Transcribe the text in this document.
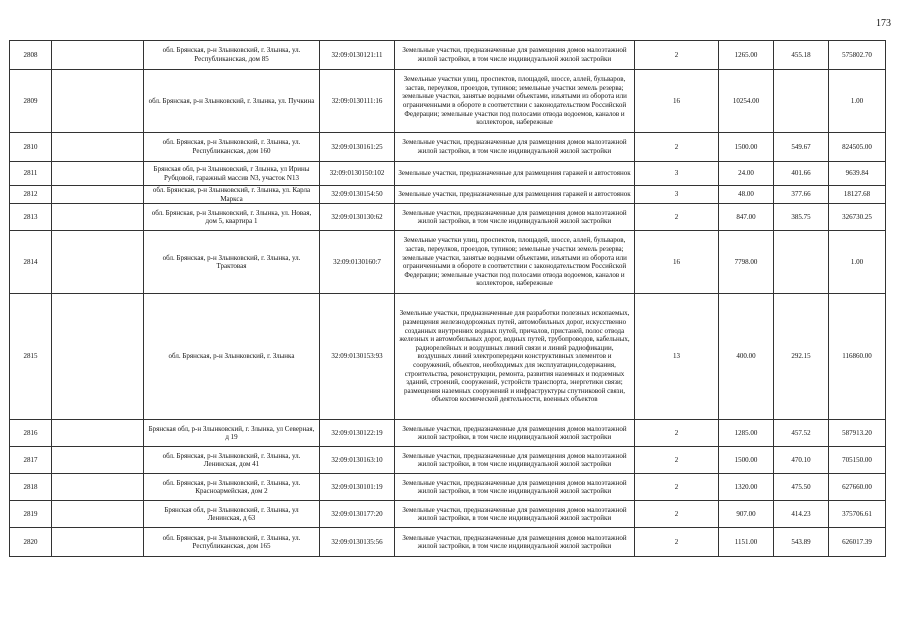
173
2808		обл. Брянская, р-н Злынковский, г. Злынка, ул. Республиканская, дом 85	32:09:0130121:11	Земельные участки, предназначенные для размещения домов малоэтажной жилой застройки, в том числе индивидуальной жилой застройки	2	1265.00	455.18	575802.70
2809		обл. Брянская, р-н Злынковский, г. Злынка, ул. Пучкина	32:09:0130111:16	Земельные участки улиц, проспектов, площадей, шоссе, аллей, бульваров, застав, переулков, проездов, тупиков; земельные участки земель резерва; земельные участки, занятые водными объектами, изъятыми из оборота или ограниченными в обороте в соответствии с законодательством Российской Федерации; земельные участки под полосами отвода водоемов, каналов и коллекторов, набережные	16	10254.00		1.00
2810		обл. Брянская, р-н Злынковский, г. Злынка, ул. Республиканская, дом 160	32:09:0130161:25	Земельные участки, предназначенные для размещения домов малоэтажной жилой застройки, в том числе индивидуальной жилой застройки	2	1500.00	549.67	824505.00
2811		Брянская обл, р-н Злынковский, г Злынка, ул Ирины Рубцовой, гаражный массив N3, участок N13	32:09:0130150:102	Земельные участки, предназначенные для размещения гаражей и автостоянок	3	24.00	401.66	9639.84
2812		обл. Брянская, р-н Злынковский, г. Злынка, ул. Карла Маркса	32:09:0130154:50	Земельные участки, предназначенные для размещения гаражей и автостоянок	3	48.00	377.66	18127.68
2813		обл. Брянская, р-н Злынковский, г. Злынка, ул. Новая, дом 5, квартира 1	32:09:0130130:62	Земельные участки, предназначенные для размещения домов малоэтажной жилой застройки, в том числе индивидуальной жилой застройки	2	847.00	385.75	326730.25
2814		обл. Брянская, р-н Злынковский, г. Злынка, ул. Трактовая	32:09:0130160:7	Земельные участки улиц, проспектов, площадей, шоссе, аллей, бульваров, застав, переулков, проездов, тупиков; земельные участки земель резерва; земельные участки, занятые водными объектами, изъятыми из оборота или ограниченными в обороте в соответствии с законодательством Российской Федерации; земельные участки под полосами отвода водоемов, каналов и коллекторов, набережные	16	7798.00		1.00
2815		обл. Брянская, р-н Злынковский, г. Злынка	32:09:0130153:93	Земельные участки, предназначенные для разработки полезных ископаемых, размещения железнодорожных путей, автомобильных дорог, искусственно созданных внутренних водных путей, причалов, пристаней, полос отвода железных и автомобильных дорог, водных путей, трубопроводов, кабельных, радиорелейных и воздушных линий связи и линий радиофикации, воздушных линий электропередачи конструктивных элементов и сооружений, объектов, необходимых для эксплуатации,содержания, строительства, реконструкции, ремонта, развития наземных и подземных зданий, строений, сооружений, устройств транспорта, энергетики связи; размещения наземных сооружений и инфраструктуры спутниковой связи, объектов космической деятельности, военных объектов	13	400.00	292.15	116860.00
2816		Брянская обл, р-н Злынковский, г. Злынка, ул Северная, д 19	32:09:0130122:19	Земельные участки, предназначенные для размещения домов малоэтажной жилой застройки, в том числе индивидуальной жилой застройки	2	1285.00	457.52	587913.20
2817		обл. Брянская, р-н Злынковский, г. Злынка, ул. Ленинская, дом 41	32:09:0130163:10	Земельные участки, предназначенные для размещения домов малоэтажной жилой застройки, в том числе индивидуальной жилой застройки	2	1500.00	470.10	705150.00
2818		обл. Брянская, р-н Злынковский, г. Злынка, ул. Красноармейская, дом 2	32:09:0130101:19	Земельные участки, предназначенные для размещения домов малоэтажной жилой застройки, в том числе индивидуальной жилой застройки	2	1320.00	475.50	627660.00
2819		Брянская обл, р-н Злынковский, г. Злынка, ул Ленинская, д 63	32:09:0130177:20	Земельные участки, предназначенные для размещения домов малоэтажной жилой застройки, в том числе индивидуальной жилой застройки	2	907.00	414.23	375706.61
2820		обл. Брянская, р-н Злынковский, г. Злынка, ул. Республиканская, дом 165	32:09:0130135:56	Земельные участки, предназначенные для размещения домов малоэтажной жилой застройки, в том числе индивидуальной жилой застройки	2	1151.00	543.89	626017.39
